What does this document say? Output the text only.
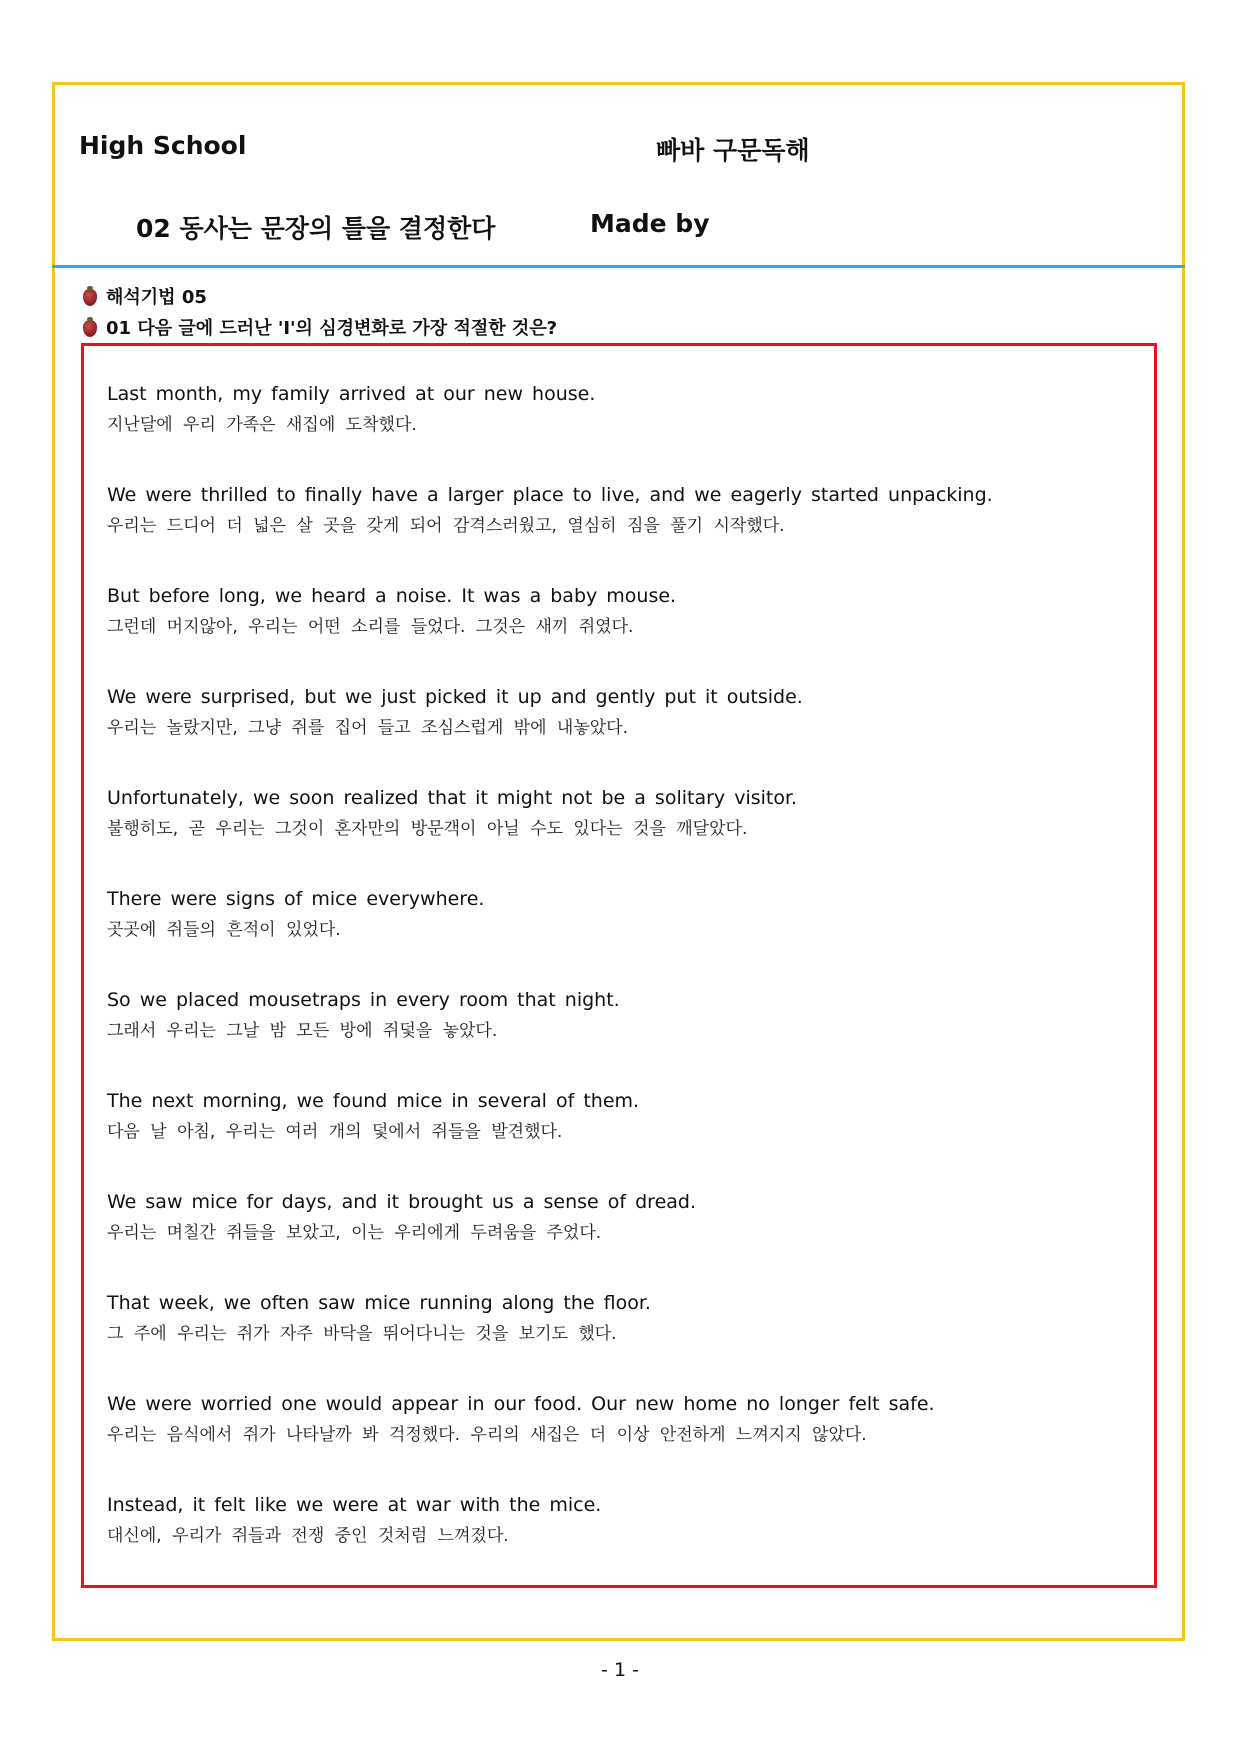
High School	빠바 구문독해
02 동사는 문장의 틀을 결정한다	Made by
해석기법 05
01 다음 글에 드러난 'I'의 심경변화로 가장 적절한 것은?
Last month, my family arrived at our new house.
지난달에 우리 가족은 새집에 도착했다.
We were thrilled to finally have a larger place to live, and we eagerly started unpacking.
우리는 드디어 더 넓은 살 곳을 갖게 되어 감격스러웠고, 열심히 짐을 풀기 시작했다.
But before long, we heard a noise. It was a baby mouse.
그런데 머지않아, 우리는 어떤 소리를 들었다. 그것은 새끼 쥐였다.
We were surprised, but we just picked it up and gently put it outside.
우리는 놀랐지만, 그냥 쥐를 집어 들고 조심스럽게 밖에 내놓았다.
Unfortunately, we soon realized that it might not be a solitary visitor.
불행히도, 곧 우리는 그것이 혼자만의 방문객이 아닐 수도 있다는 것을 깨달았다.
There were signs of mice everywhere.
곳곳에 쥐들의 흔적이 있었다.
So we placed mousetraps in every room that night.
그래서 우리는 그날 밤 모든 방에 쥐덫을 놓았다.
The next morning, we found mice in several of them.
다음 날 아침, 우리는 여러 개의 덫에서 쥐들을 발견했다.
We saw mice for days, and it brought us a sense of dread.
우리는 며칠간 쥐들을 보았고, 이는 우리에게 두려움을 주었다.
That week, we often saw mice running along the floor.
그 주에 우리는 쥐가 자주 바닥을 뛰어다니는 것을 보기도 했다.
We were worried one would appear in our food. Our new home no longer felt safe.
우리는 음식에서 쥐가 나타날까 봐 걱정했다. 우리의 새집은 더 이상 안전하게 느껴지지 않았다.
Instead, it felt like we were at war with the mice.
대신에, 우리가 쥐들과 전쟁 중인 것처럼 느껴졌다.
- 1 -
